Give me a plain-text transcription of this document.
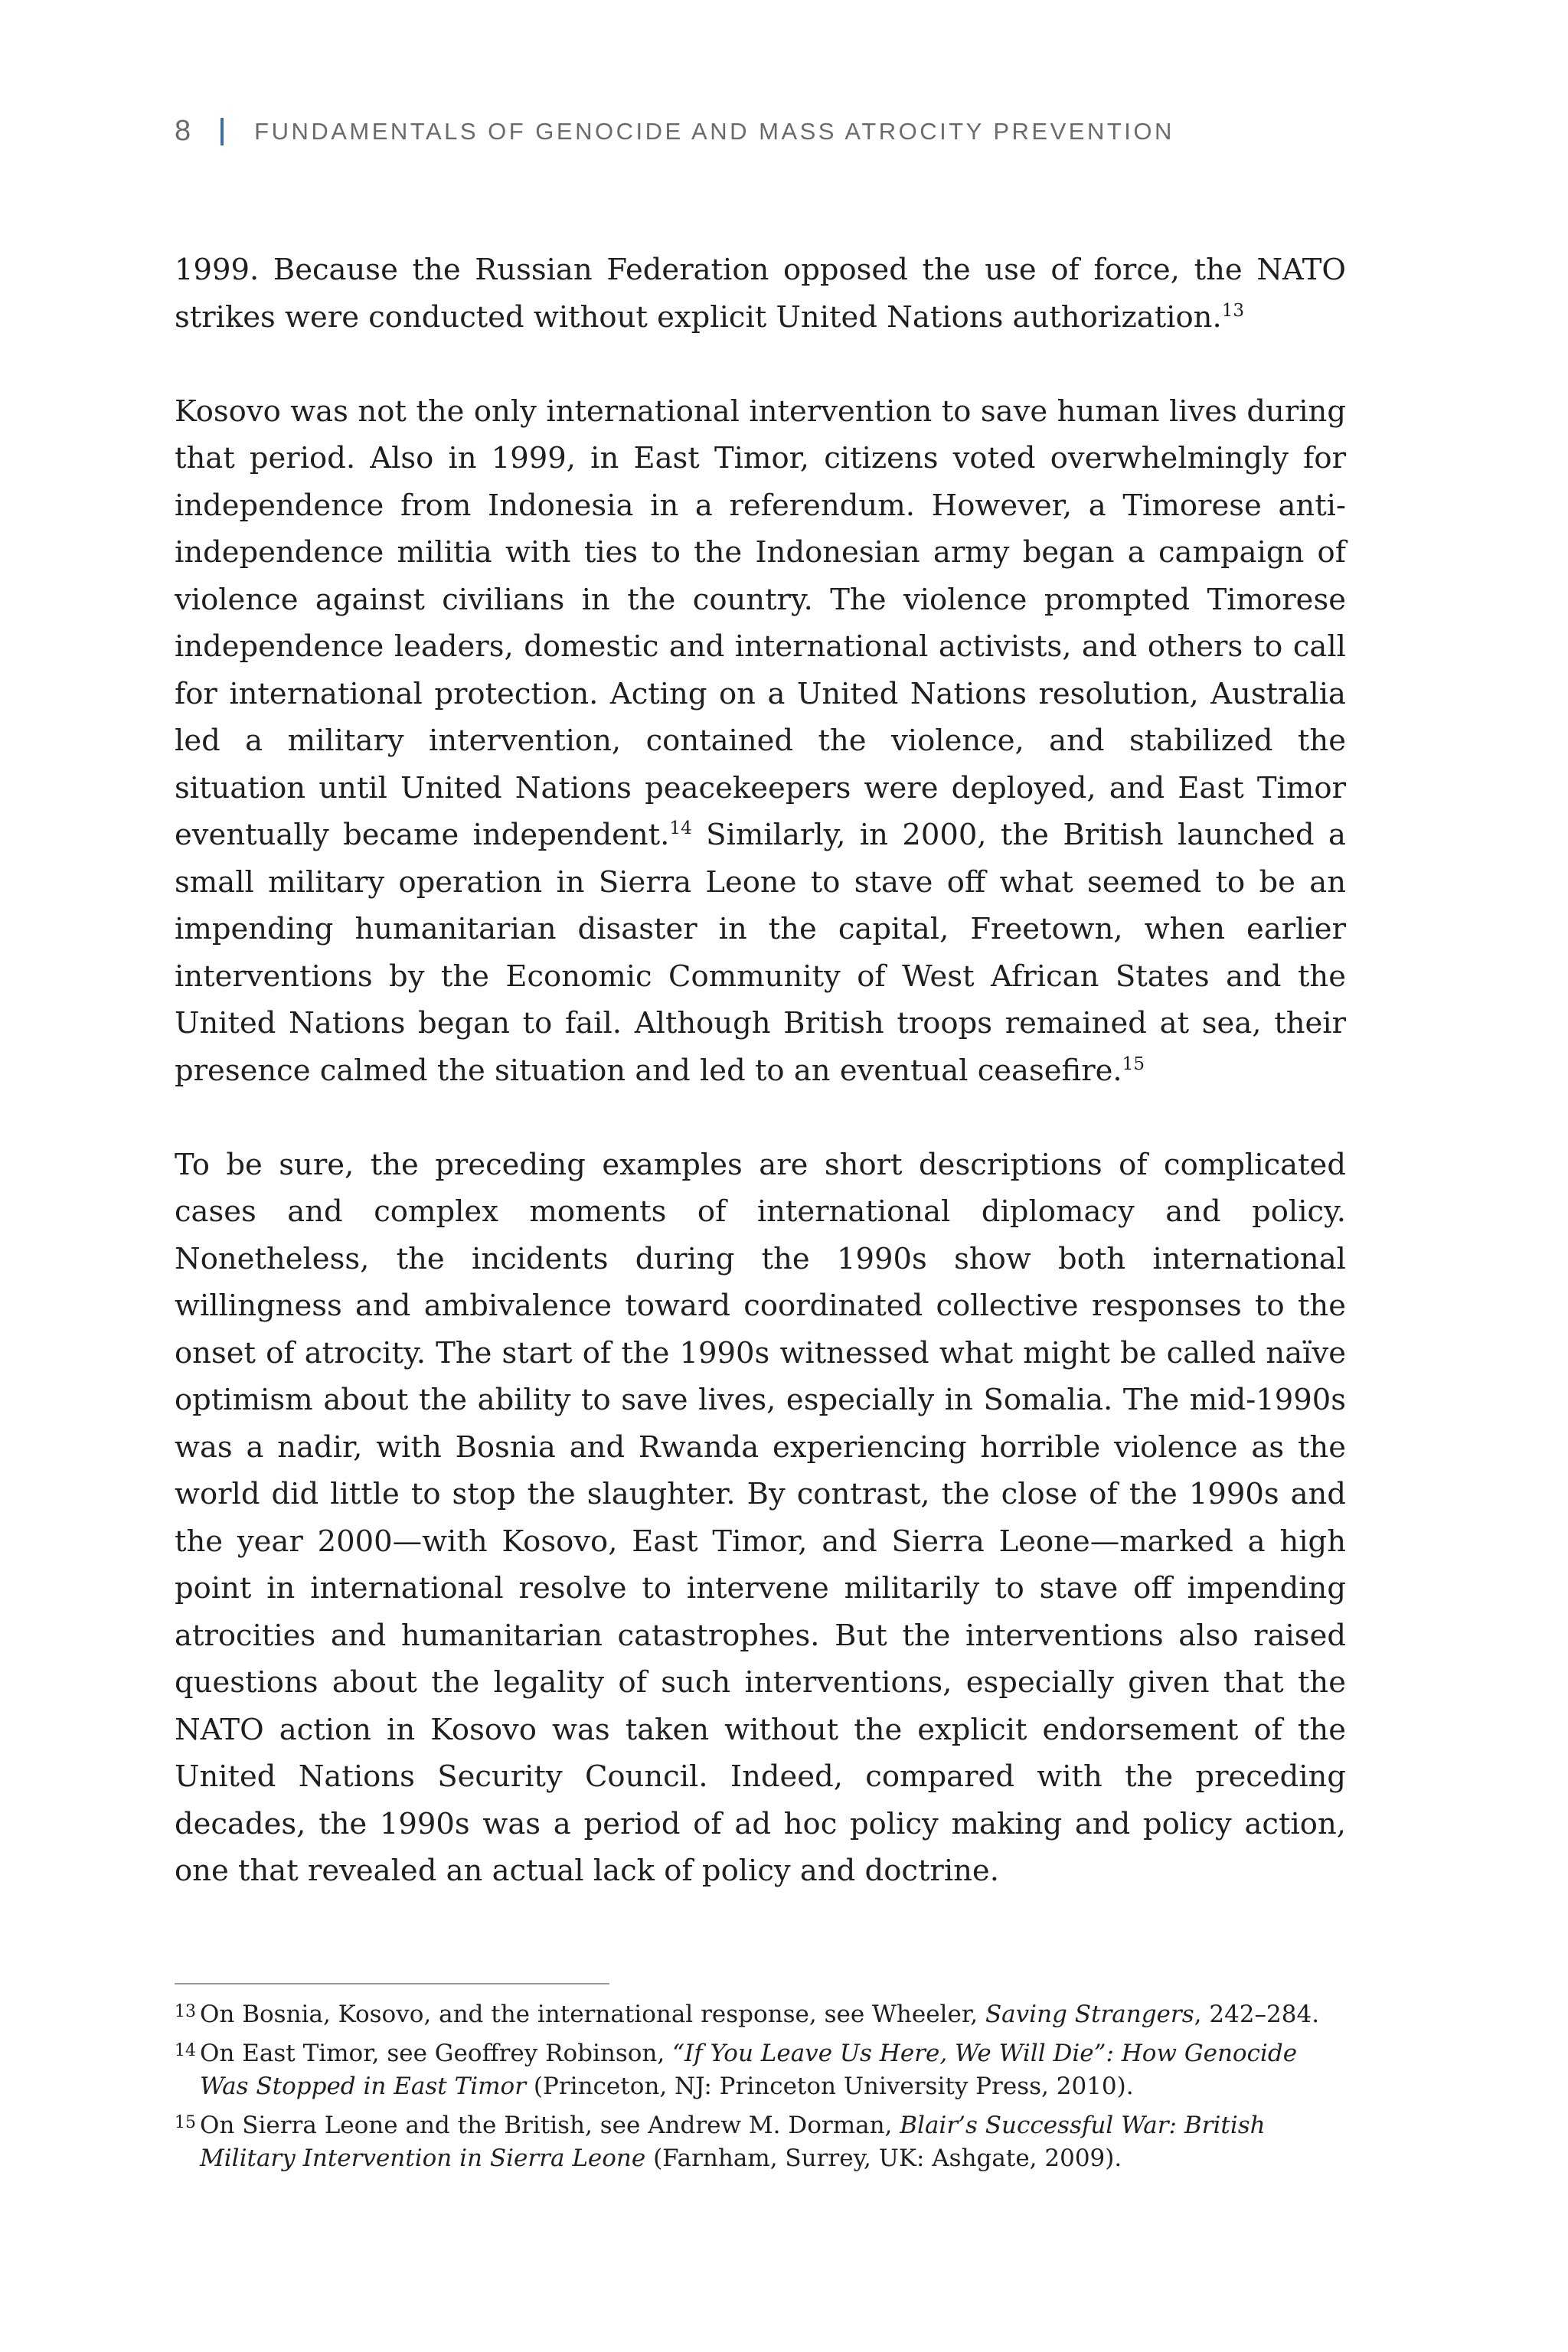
8	FUNDAMENTALS OF GENOCIDE AND MASS ATROCITY PREVENTION

1999. Because the Russian Federation opposed the use of force, the NATO strikes were conducted without explicit United Nations authorization.$^{13}$

Kosovo was not the only international intervention to save human lives during that period. Also in 1999, in East Timor, citizens voted overwhelmingly for independence from Indonesia in a referendum. However, a Timorese anti-independence militia with ties to the Indonesian army began a campaign of violence against civilians in the country. The violence prompted Timorese independence leaders, domestic and international activists, and others to call for international protection. Acting on a United Nations resolution, Australia led a military intervention, contained the violence, and stabilized the situation until United Nations peacekeepers were deployed, and East Timor eventually became independent.$^{14}$ Similarly, in 2000, the British launched a small military operation in Sierra Leone to stave off what seemed to be an impending humanitarian disaster in the capital, Freetown, when earlier interventions by the Economic Community of West African States and the United Nations began to fail. Although British troops remained at sea, their presence calmed the situation and led to an eventual ceasefire.$^{15}$

To be sure, the preceding examples are short descriptions of complicated cases and complex moments of international diplomacy and policy. Nonetheless, the incidents during the 1990s show both international willingness and ambivalence toward coordinated collective responses to the onset of atrocity. The start of the 1990s witnessed what might be called naïve optimism about the ability to save lives, especially in Somalia. The mid-1990s was a nadir, with Bosnia and Rwanda experiencing horrible violence as the world did little to stop the slaughter. By contrast, the close of the 1990s and the year 2000—with Kosovo, East Timor, and Sierra Leone—marked a high point in international resolve to intervene militarily to stave off impending atrocities and humanitarian catastrophes. But the interventions also raised questions about the legality of such interventions, especially given that the NATO action in Kosovo was taken without the explicit endorsement of the United Nations Security Council. Indeed, compared with the preceding decades, the 1990s was a period of ad hoc policy making and policy action, one that revealed an actual lack of policy and doctrine.

13 On Bosnia, Kosovo, and the international response, see Wheeler, Saving Strangers, 242–284.
14 On East Timor, see Geoffrey Robinson, “If You Leave Us Here, We Will Die”: How Genocide Was Stopped in East Timor (Princeton, NJ: Princeton University Press, 2010).
15 On Sierra Leone and the British, see Andrew M. Dorman, Blair’s Successful War: British Military Intervention in Sierra Leone (Farnham, Surrey, UK: Ashgate, 2009).
